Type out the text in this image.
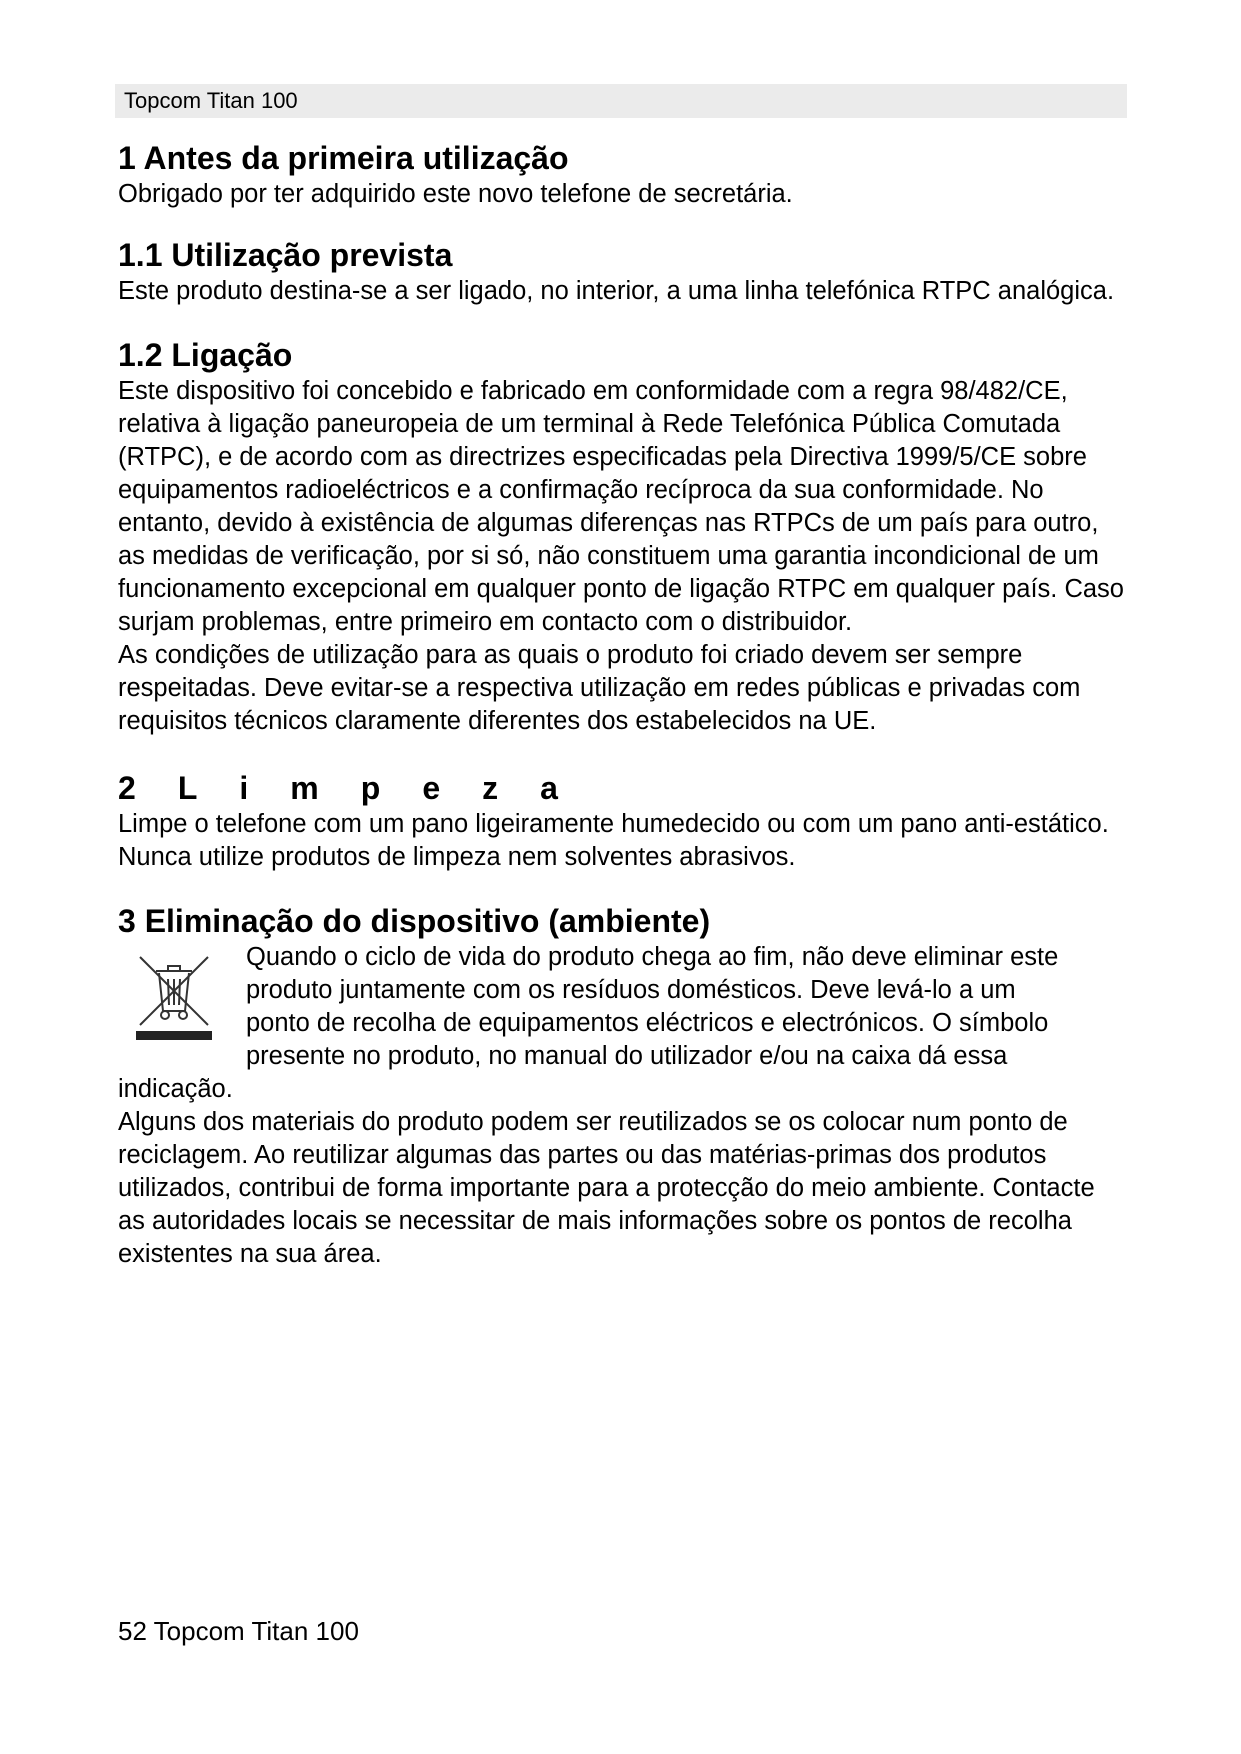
Topcom Titan 100
1 Antes da primeira utilização

Obrigado por ter adquirido este novo telefone de secretária.

1.1 Utilização prevista

Este produto destina-se a ser ligado, no interior, a uma linha telefónica RTPC analógica.

1.2 Ligação

Este dispositivo foi concebido e fabricado em conformidade com a regra 98/482/CE, relativa à ligação paneuropeia de um terminal à Rede Telefónica Pública Comutada (RTPC), e de acordo com as directrizes especificadas pela Directiva 1999/5/CE sobre equipamentos radioeléctricos e a confirmação recíproca da sua conformidade. No entanto, devido à existência de algumas diferenças nas RTPCs de um país para outro, as medidas de verificação, por si só, não constituem uma garantia incondicional de um funcionamento excepcional em qualquer ponto de ligação RTPC em qualquer país. Caso surjam problemas, entre primeiro em contacto com o distribuidor.

As condições de utilização para as quais o produto foi criado devem ser sempre respeitadas. Deve evitar-se a respectiva utilização em redes públicas e privadas com requisitos técnicos claramente diferentes dos estabelecidos na UE.

2 L i m p e z a

Limpe o telefone com um pano ligeiramente humedecido ou com um pano anti-estático. Nunca utilize produtos de limpeza nem solventes abrasivos.

3 Eliminação do dispositivo (ambiente)
Quando o ciclo de vida do produto chega ao fim, não deve eliminar este
produto juntamente com os resíduos domésticos. Deve levá-lo a um
ponto de recolha de equipamentos eléctricos e electrónicos. O símbolo
presente no produto, no manual do utilizador e/ou na caixa dá essa
indicação.

Alguns dos materiais do produto podem ser reutilizados se os colocar num ponto de reciclagem. Ao reutilizar algumas das partes ou das matérias-primas dos produtos utilizados, contribui de forma importante para a protecção do meio ambiente. Contacte as autoridades locais se necessitar de mais informações sobre os pontos de recolha existentes na sua área.

52 Topcom Titan 100
